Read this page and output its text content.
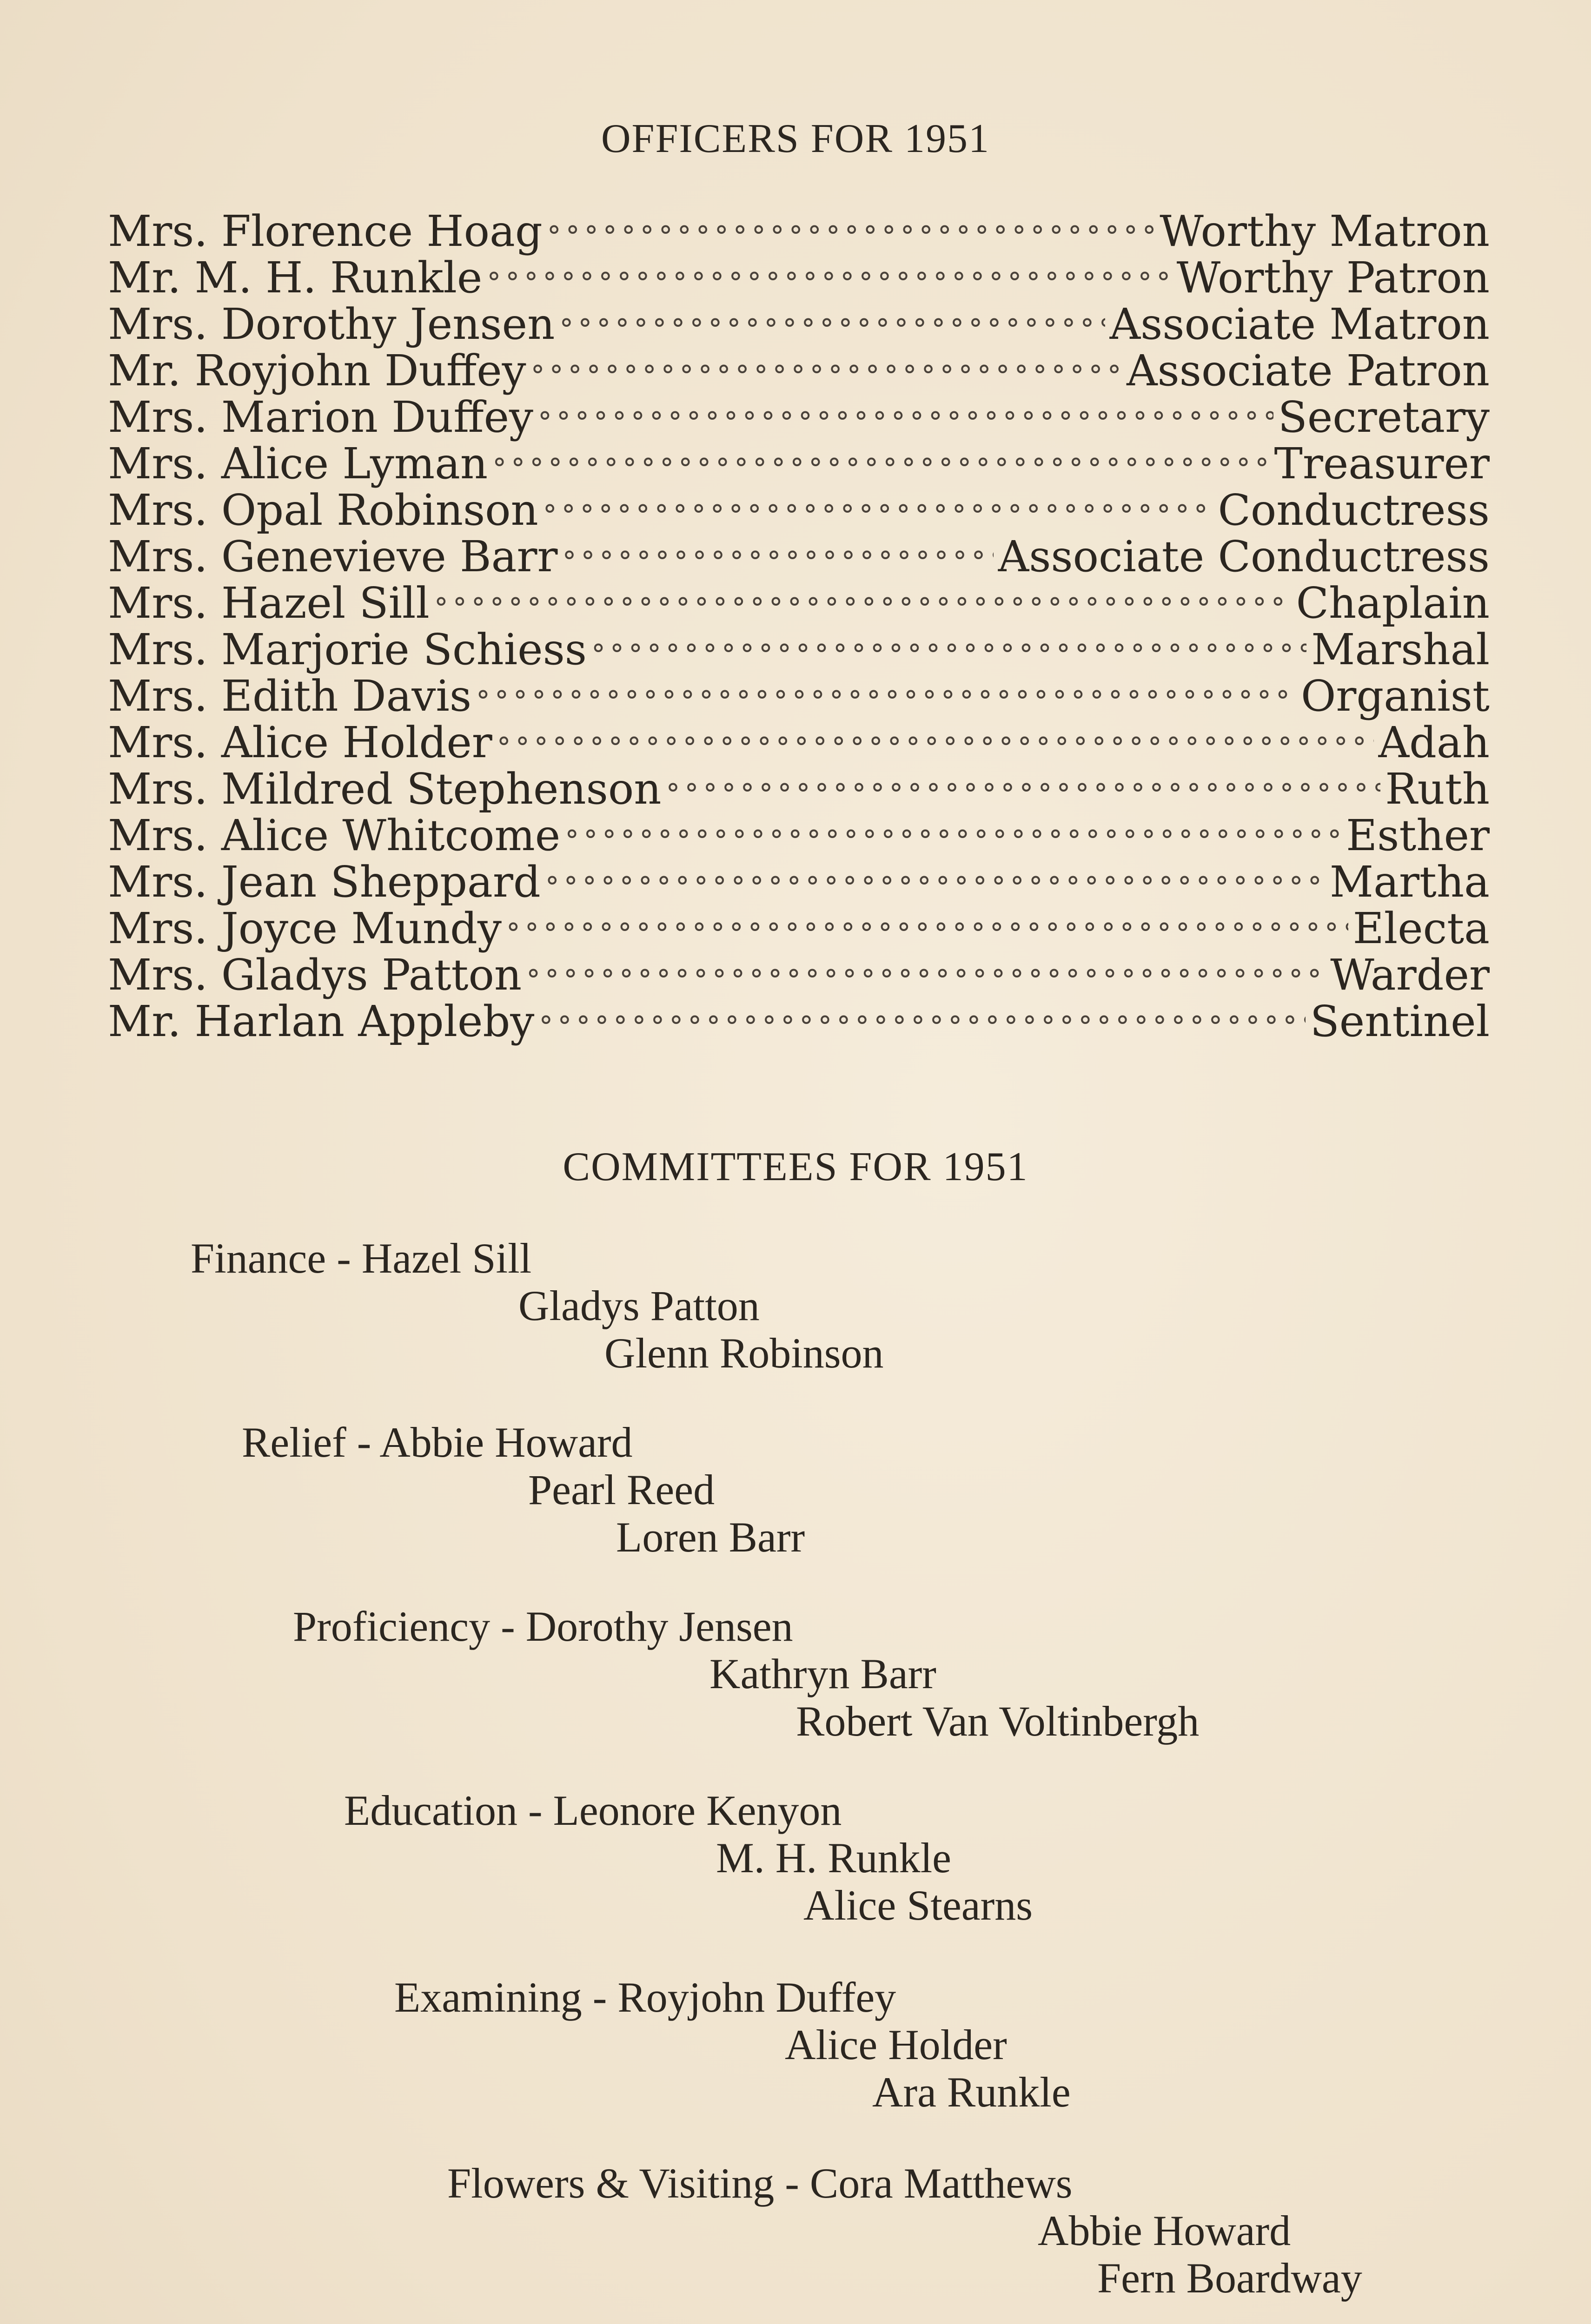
OFFICERS FOR 1951
Mrs. Florence Hoag °°°°°°°°°°°°°°°°°°°°°°°°°°°°°°°°°°°°°°°°°°°°°°°°°°°°°°°°°°°°°°°°°°°°°°	Worthy Matron
Mr. M. H. Runkle °°°°°°°°°°°°°°°°°°°°°°°°°°°°°°°°°°°°°°°°°°°°°°°°°°°°°°°°°°°°°°°°°°°°°°	Worthy Patron
Mrs. Dorothy Jensen °°°°°°°°°°°°°°°°°°°°°°°°°°°°°°°°°°°°°°°°°°°°°°°°°°°°°°°°°°°°°°°°°°°°°°	Associate Matron
Mr. Royjohn Duffey °°°°°°°°°°°°°°°°°°°°°°°°°°°°°°°°°°°°°°°°°°°°°°°°°°°°°°°°°°°°°°°°°°°°°°	Associate Patron
Mrs. Marion Duffey °°°°°°°°°°°°°°°°°°°°°°°°°°°°°°°°°°°°°°°°°°°°°°°°°°°°°°°°°°°°°°°°°°°°°°	Secretary
Mrs. Alice Lyman °°°°°°°°°°°°°°°°°°°°°°°°°°°°°°°°°°°°°°°°°°°°°°°°°°°°°°°°°°°°°°°°°°°°°°	Treasurer
Mrs. Opal Robinson °°°°°°°°°°°°°°°°°°°°°°°°°°°°°°°°°°°°°°°°°°°°°°°°°°°°°°°°°°°°°°°°°°°°°°	Conductress
Mrs. Genevieve Barr °°°°°°°°°°°°°°°°°°°°°°°°°°°°°°°°°°°°°°°°°°°°°°°°°°°°°°°°°°°°°°°°°°°°°°	Associate Conductress
Mrs. Hazel Sill °°°°°°°°°°°°°°°°°°°°°°°°°°°°°°°°°°°°°°°°°°°°°°°°°°°°°°°°°°°°°°°°°°°°°°	Chaplain
Mrs. Marjorie Schiess °°°°°°°°°°°°°°°°°°°°°°°°°°°°°°°°°°°°°°°°°°°°°°°°°°°°°°°°°°°°°°°°°°°°°°	Marshal
Mrs. Edith Davis °°°°°°°°°°°°°°°°°°°°°°°°°°°°°°°°°°°°°°°°°°°°°°°°°°°°°°°°°°°°°°°°°°°°°°	Organist
Mrs. Alice Holder °°°°°°°°°°°°°°°°°°°°°°°°°°°°°°°°°°°°°°°°°°°°°°°°°°°°°°°°°°°°°°°°°°°°°°	Adah
Mrs. Mildred Stephenson °°°°°°°°°°°°°°°°°°°°°°°°°°°°°°°°°°°°°°°°°°°°°°°°°°°°°°°°°°°°°°°°°°°°°°	Ruth
Mrs. Alice Whitcome °°°°°°°°°°°°°°°°°°°°°°°°°°°°°°°°°°°°°°°°°°°°°°°°°°°°°°°°°°°°°°°°°°°°°°	Esther
Mrs. Jean Sheppard °°°°°°°°°°°°°°°°°°°°°°°°°°°°°°°°°°°°°°°°°°°°°°°°°°°°°°°°°°°°°°°°°°°°°°	Martha
Mrs. Joyce Mundy °°°°°°°°°°°°°°°°°°°°°°°°°°°°°°°°°°°°°°°°°°°°°°°°°°°°°°°°°°°°°°°°°°°°°°	Electa
Mrs. Gladys Patton °°°°°°°°°°°°°°°°°°°°°°°°°°°°°°°°°°°°°°°°°°°°°°°°°°°°°°°°°°°°°°°°°°°°°°	Warder
Mr. Harlan Appleby °°°°°°°°°°°°°°°°°°°°°°°°°°°°°°°°°°°°°°°°°°°°°°°°°°°°°°°°°°°°°°°°°°°°°°	Sentinel
COMMITTEES FOR 1951
Finance - Hazel Sill
Gladys Patton
Glenn Robinson
Relief - Abbie Howard
Pearl Reed
Loren Barr
Proficiency - Dorothy Jensen
Kathryn Barr
Robert Van Voltinbergh
Education - Leonore Kenyon
M. H. Runkle
Alice Stearns
Examining - Royjohn Duffey
Alice Holder
Ara Runkle
Flowers & Visiting - Cora Matthews
Abbie Howard
Fern Boardway
